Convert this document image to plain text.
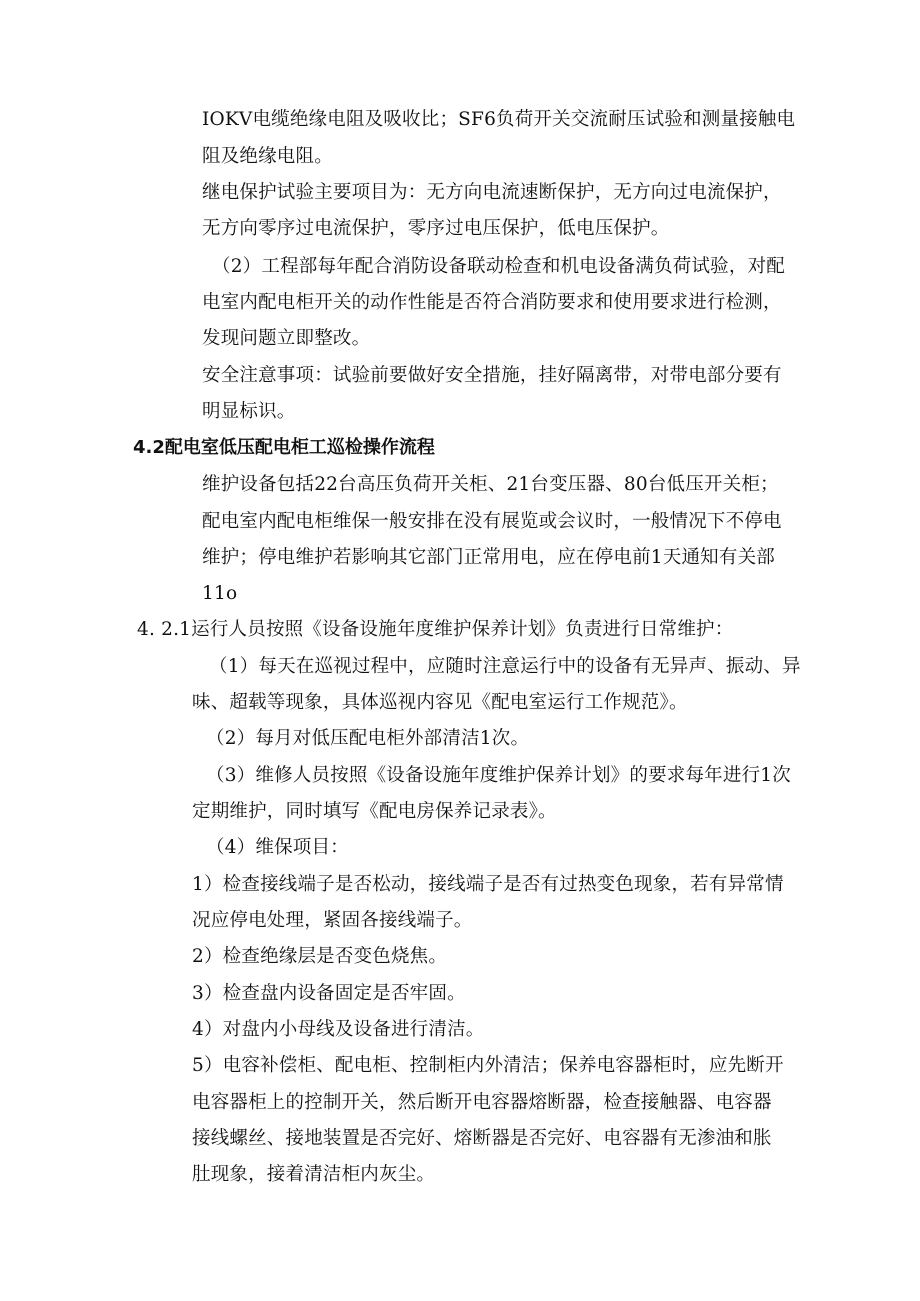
IOKV电缆绝缘电阻及吸收比；SF6负荷开关交流耐压试验和测量接触电
阻及绝缘电阻。
继电保护试验主要项目为：无方向电流速断保护，无方向过电流保护，
无方向零序过电流保护，零序过电压保护，低电压保护。
（2）工程部每年配合消防设备联动检查和机电设备满负荷试验，对配
电室内配电柜开关的动作性能是否符合消防要求和使用要求进行检测，
发现问题立即整改。
安全注意事项：试验前要做好安全措施，挂好隔离带，对带电部分要有
明显标识。
4.2配电室低压配电柜工巡检操作流程
维护设备包括22台高压负荷开关柜、21台变压器、80台低压开关柜；
配电室内配电柜维保一般安排在没有展览或会议时，一般情况下不停电
维护；停电维护若影响其它部门正常用电，应在停电前1天通知有关部
11o
4. 2.1运行人员按照《设备设施年度维护保养计划》负责进行日常维护：
（1）每天在巡视过程中，应随时注意运行中的设备有无异声、振动、异
味、超载等现象，具体巡视内容见《配电室运行工作规范》。
（2）每月对低压配电柜外部清洁1次。
（3）维修人员按照《设备设施年度维护保养计划》的要求每年进行1次
定期维护，同时填写《配电房保养记录表》。
（4）维保项目：
1）检查接线端子是否松动，接线端子是否有过热变色现象，若有异常情
况应停电处理，紧固各接线端子。
2）检查绝缘层是否变色烧焦。
3）检查盘内设备固定是否牢固。
4）对盘内小母线及设备进行清洁。
5）电容补偿柜、配电柜、控制柜内外清洁；保养电容器柜时，应先断开
电容器柜上的控制开关，然后断开电容器熔断器，检查接触器、电容器
接线螺丝、接地装置是否完好、熔断器是否完好、电容器有无渗油和胀
肚现象，接着清洁柜内灰尘。
